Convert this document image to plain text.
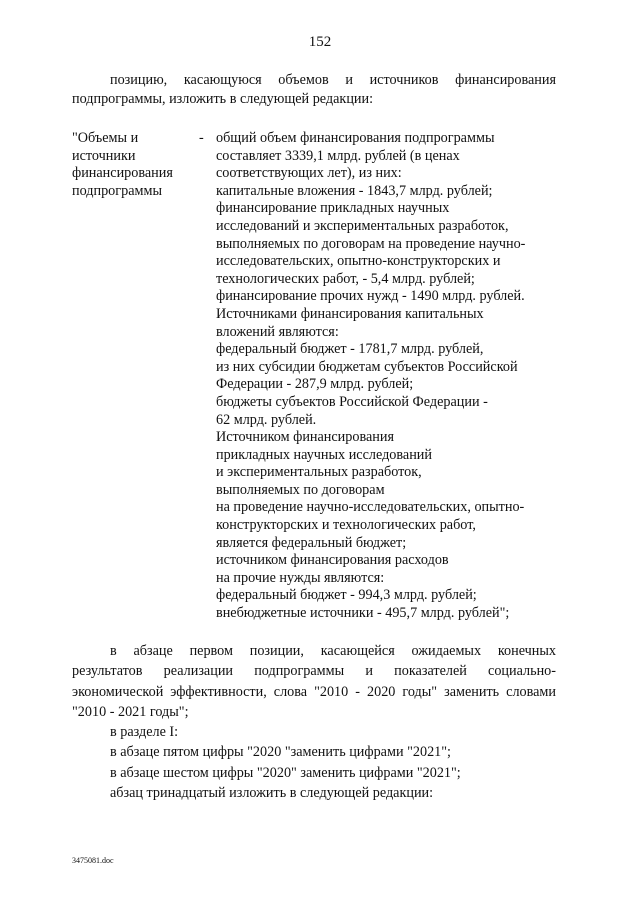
152

позицию, касающуюся объемов и источников финансирования

подпрограммы, изложить в следующей редакции:

"Объемы и
источники
финансирования
подпрограммы
- общий объем финансирования подпрограммы
составляет 3339,1 млрд. рублей (в ценах
соответствующих лет), из них:
капитальные вложения - 1843,7 млрд. рублей;
финансирование прикладных научных
исследований и экспериментальных разработок,
выполняемых по договорам на проведение научно-
исследовательских, опытно-конструкторских и
технологических работ, - 5,4 млрд. рублей;
финансирование прочих нужд - 1490 млрд. рублей.
Источниками финансирования капитальных
вложений являются:
федеральный бюджет - 1781,7 млрд. рублей,
из них субсидии бюджетам субъектов Российской
Федерации - 287,9 млрд. рублей;
бюджеты субъектов Российской Федерации -
62 млрд. рублей.
Источником финансирования
прикладных научных исследований
и экспериментальных разработок,
выполняемых по договорам
на проведение научно-исследовательских, опытно-
конструкторских и технологических работ,
является федеральный бюджет;
источником финансирования расходов
на прочие нужды являются:
федеральный бюджет - 994,3 млрд. рублей;
внебюджетные источники - 495,7 млрд. рублей";
в абзаце первом позиции, касающейся ожидаемых конечных
результатов реализации подпрограммы и показателей социально-
экономической эффективности, слова "2010 - 2020 годы" заменить словами
"2010 - 2021 годы";
в разделе I:
в абзаце пятом цифры "2020 "заменить цифрами "2021";
в абзаце шестом цифры "2020" заменить цифрами "2021";
абзац тринадцатый изложить в следующей редакции:
3475081.doc
